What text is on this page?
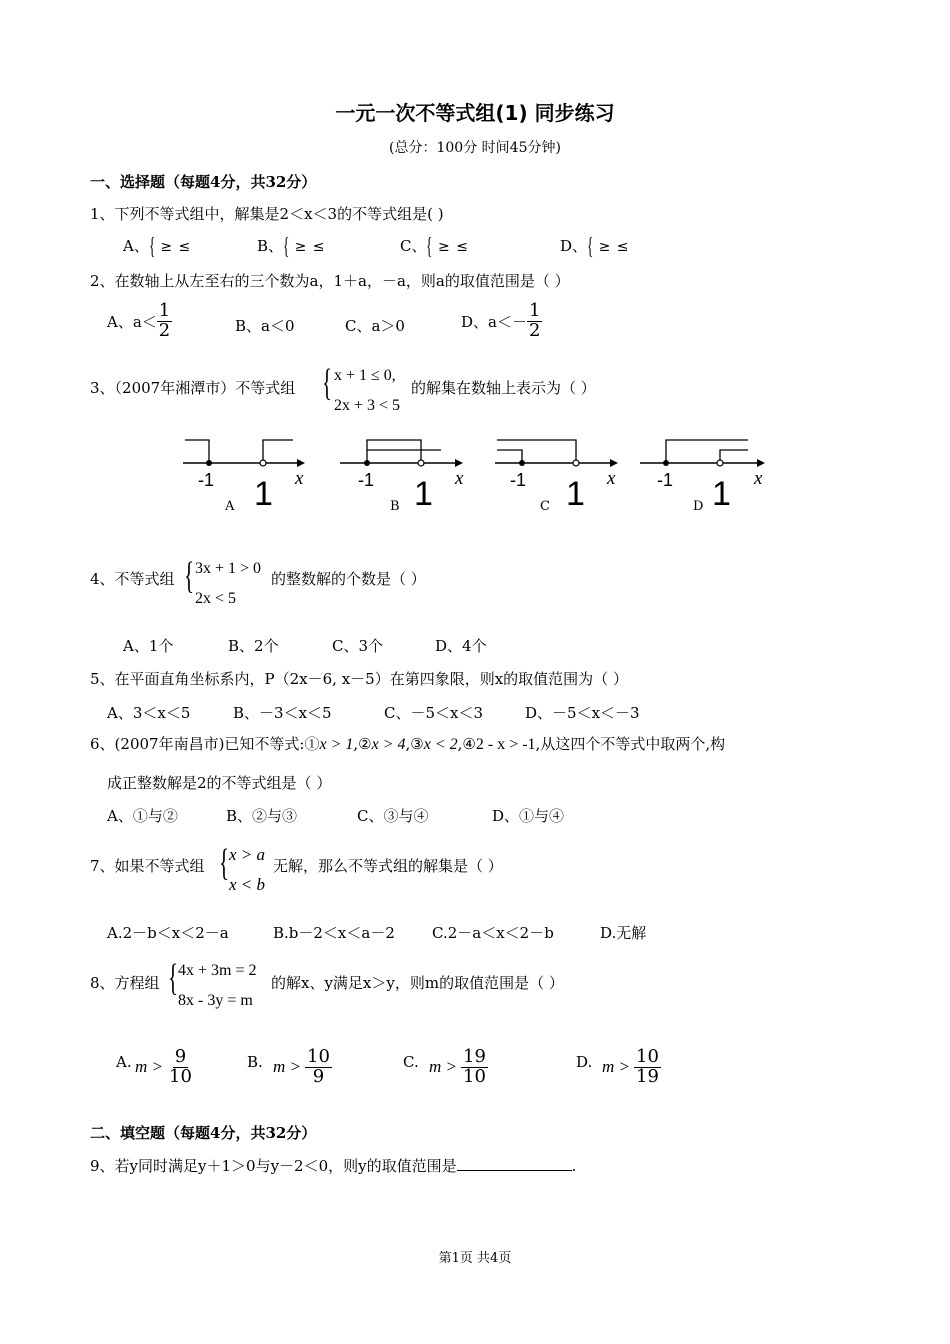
一元一次不等式组(1) 同步练习
(总分：100分 时间45分钟)
一、选择题（每题4分，共32分）
1、下列不等式组中，解集是2＜x＜3的不等式组是( )
A、{ ≥ ≤	B、{ ≥ ≤	C、{ ≥ ≤	D、{ ≥ ≤
2、在数轴上从左至右的三个数为a，1＋a，－a，则a的取值范围是（ ）
A、$a< \frac{1}{2}$	B、a＜0	C、a＞0	D、$a<- \frac{1}{2}$
3、（2007年湘潭市）不等式组 { x + 1 ≤ 0,
2x + 3 < 5
的解集在数轴上表示为（ ）
-1 1 x
A
-1 1 x
B
-1 1 x
C
-1 1 x
D
4、不等式组 { 3x + 1 > 0
2x < 5
的整数解的个数是（ ）
A、1个	B、2个	C、3个	D、4个
5、在平面直角坐标系内，P（2x－6, x－5）在第四象限，则x的取值范围为（ ）
A、3＜x＜5	B、－3＜x＜5	C、－5＜x＜3	D、－5＜x＜－3
6、(2007年南昌市)已知不等式:① x > 1 ,② x > 4 ,③ x < 2 ,④ 2 - x > -1 ,从这四个不等式中取两个,构
成正整数解是2的不等式组是（ ）
A、①与②	B、②与③	C、③与④	D、①与④
7、如果不等式组 { x > a
x < b
无解，那么不等式组的解集是（ ）
A.2－b＜x＜2－a	B.b－2＜x＜a－2 C.2－a＜x＜2－b	D.无解
8、方程组 { 4x + 3m = 2
8x - 3y = m
的解x、y满足x＞y，则m的取值范围是（ ）
A. $m > \frac{9}{10}$	B. $m > \frac{10}{9}$	C. $m > \frac{19}{10}$	D. $m > \frac{10}{19}$
二、填空题（每题4分，共32分）
9、若y同时满足y＋1＞0与y－2＜0，则y的取值范围是	.
第1页 共4页
